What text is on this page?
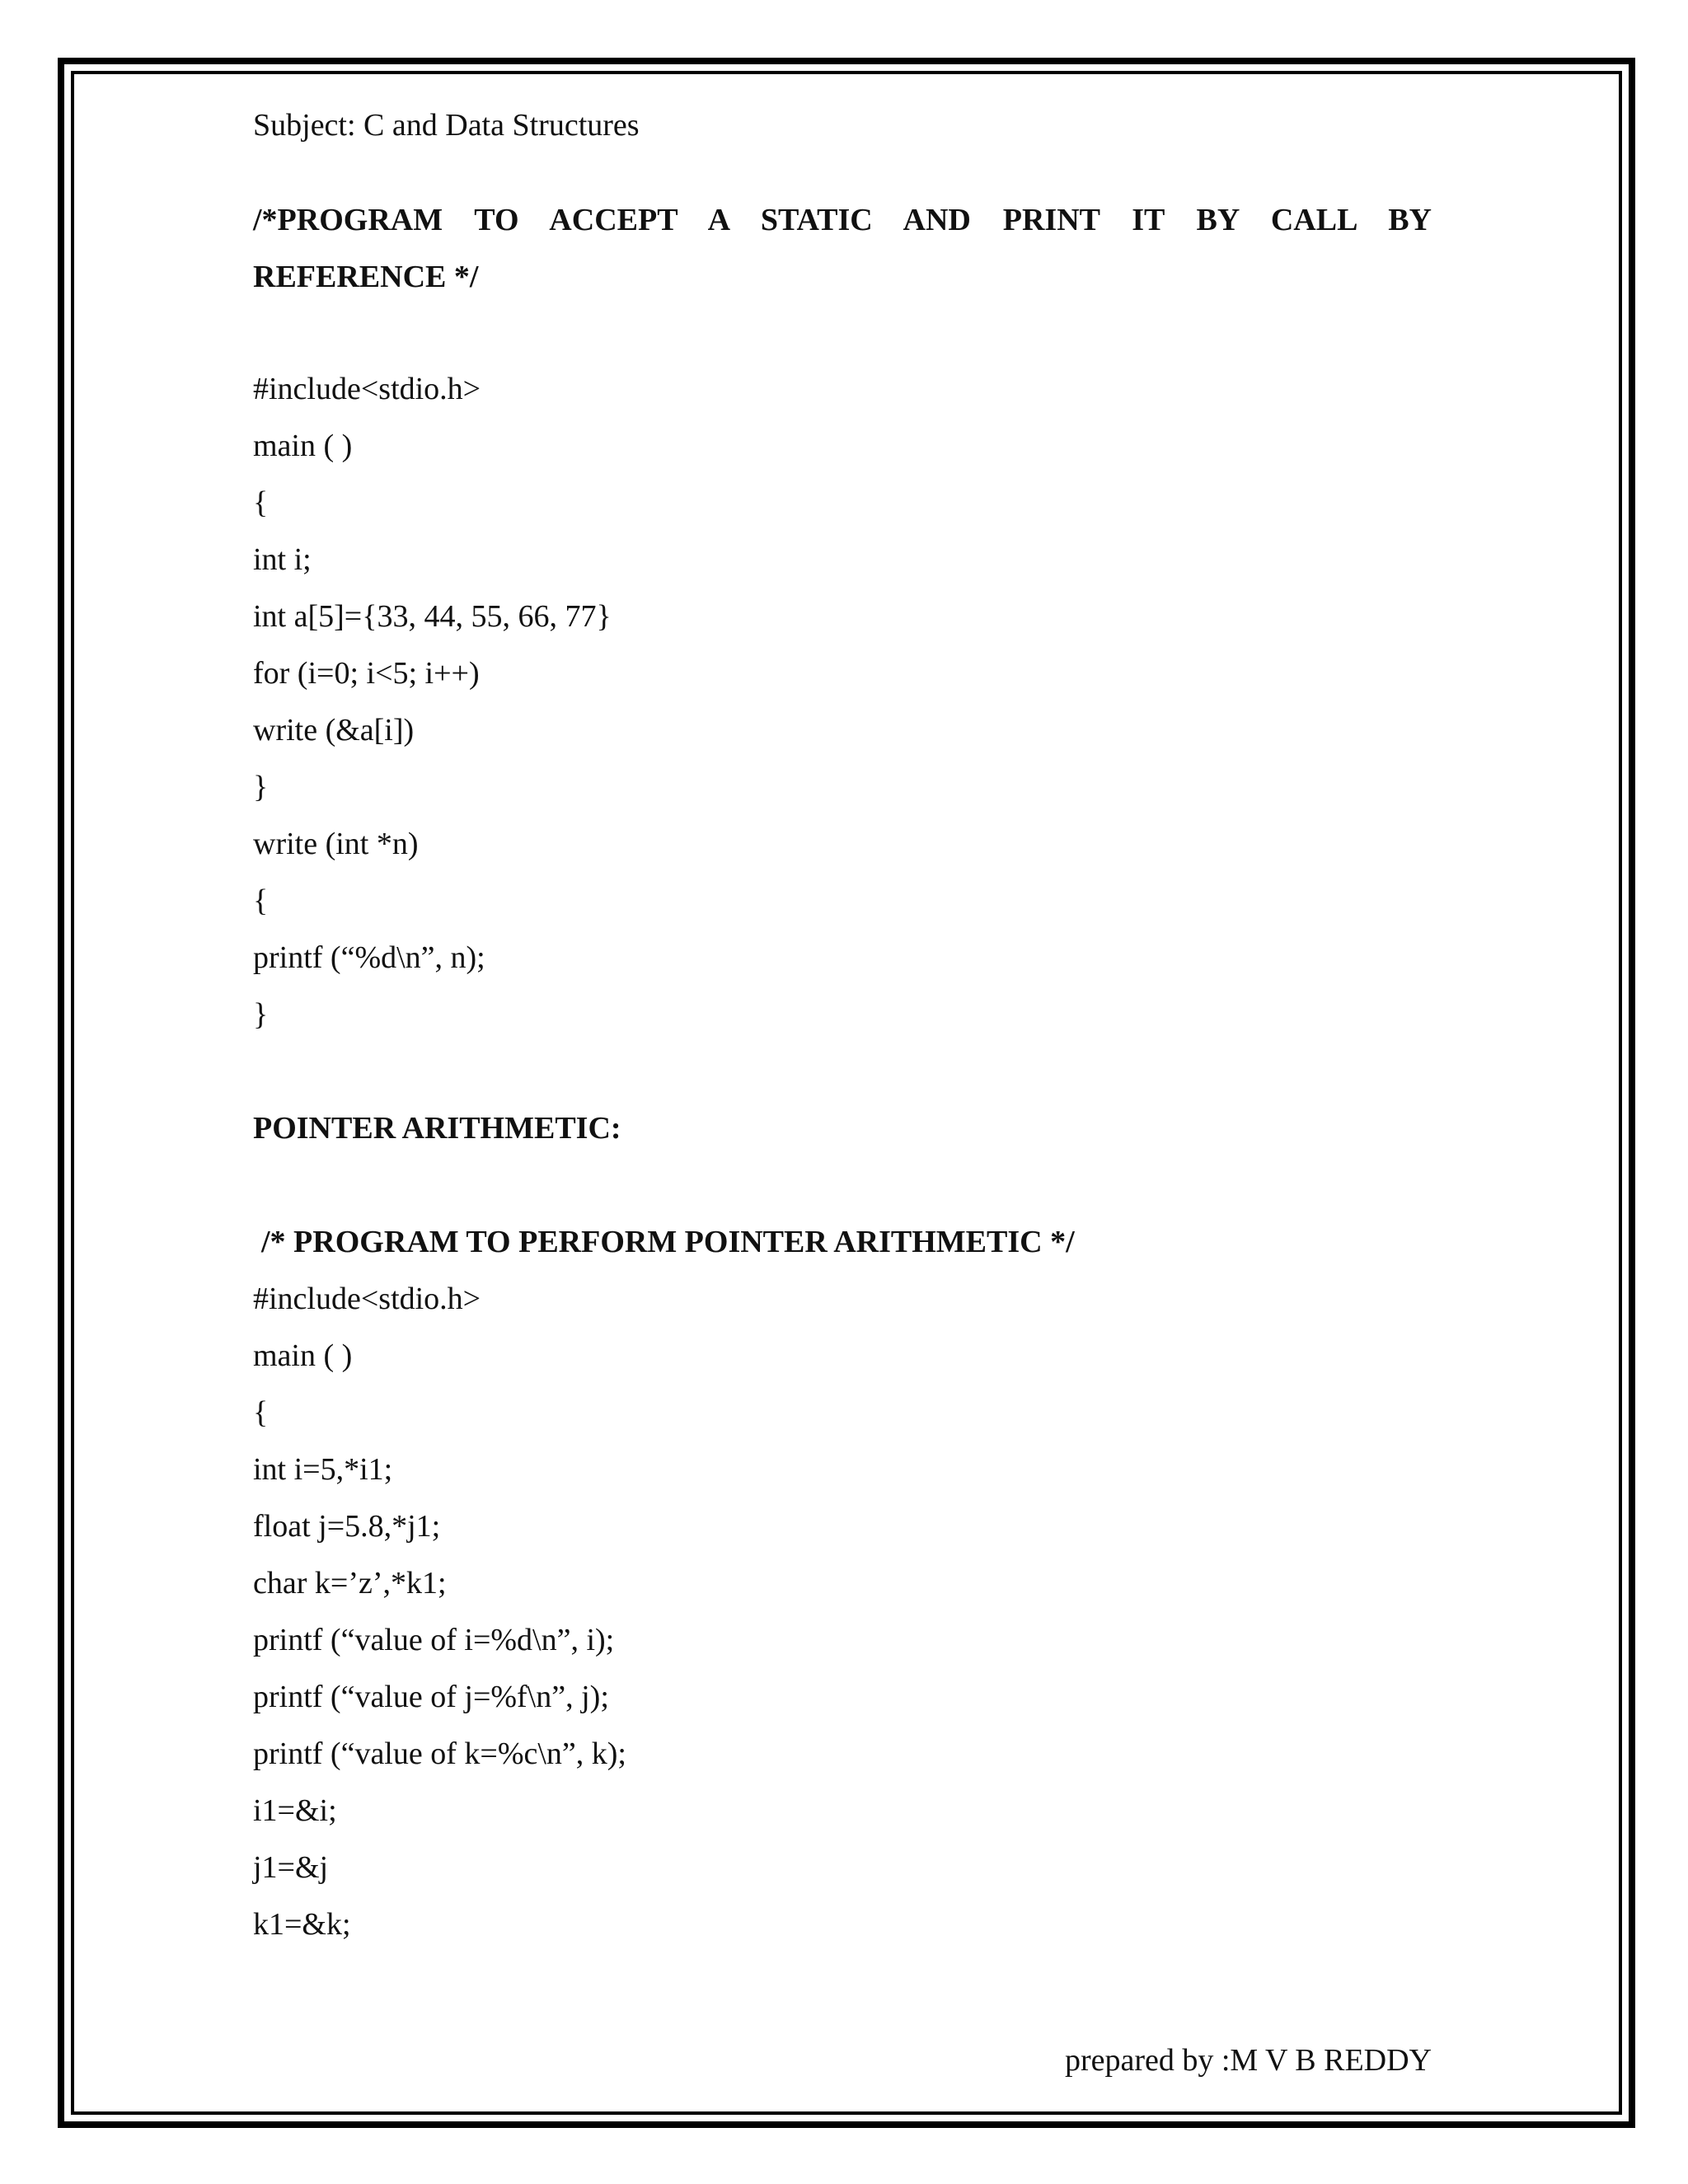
Subject: C and Data Structures
/*PROGRAM TO ACCEPT A STATIC AND PRINT IT BY CALL BY
REFERENCE */
#include<stdio.h>
main ( )
{
int i;
int a[5]={33, 44, 55, 66, 77}
for (i=0; i<5; i++)
write (&a[i])
}
write (int *n)
{
printf (“%d\n”, n);
}
POINTER ARITHMETIC:
/* PROGRAM TO PERFORM POINTER ARITHMETIC */
#include<stdio.h>
main ( )
{
int i=5,*i1;
float j=5.8,*j1;
char k=’z’,*k1;
printf (“value of i=%d\n”, i);
printf (“value of j=%f\n”, j);
printf (“value of k=%c\n”, k);
i1=&i;
j1=&j
k1=&k;
prepared by :M V B REDDY
